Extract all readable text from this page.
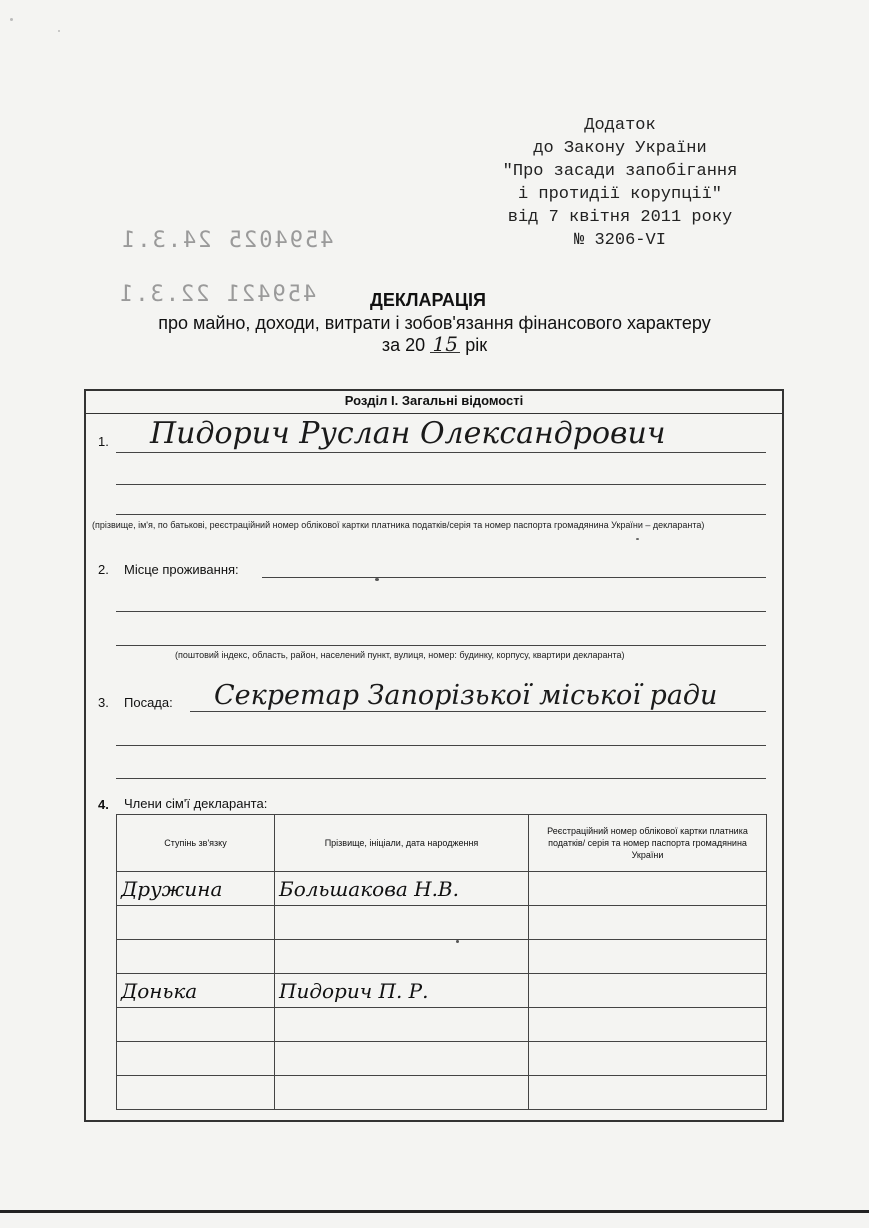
Додаток
до Закону України
"Про засади запобігання
і протидії корупції"
від 7 квітня 2011 року
№ 3206-VI
4594025 24.3.1
459421 22.3.1	ДЕКЛАРАЦІЯ
про майно, доходи, витрати і зобов'язання фінансового характеру
за 20 15 рік
Розділ І. Загальні відомості
1. Пидорич Руслан Олександрович
(прізвище, ім'я, по батькові, реєстраційний номер облікової картки платника податків/серія та номер паспорта громадянина України – декларанта)
2. Місце проживання:
(поштовий індекс, область, район, населений пункт, вулиця, номер: будинку, корпусу, квартири декларанта)
3. Посада: Секретар Запорізької міської ради
4. Члени сім'ї декларанта:
Ступінь зв'язку	Прізвище, ініціали, дата народження	Реєстраційний номер облікової картки платника податків/ серія та номер паспорта громадянина України
Дружина	Большакова Н.В.	

Донька	Пидорич П. Р.	
